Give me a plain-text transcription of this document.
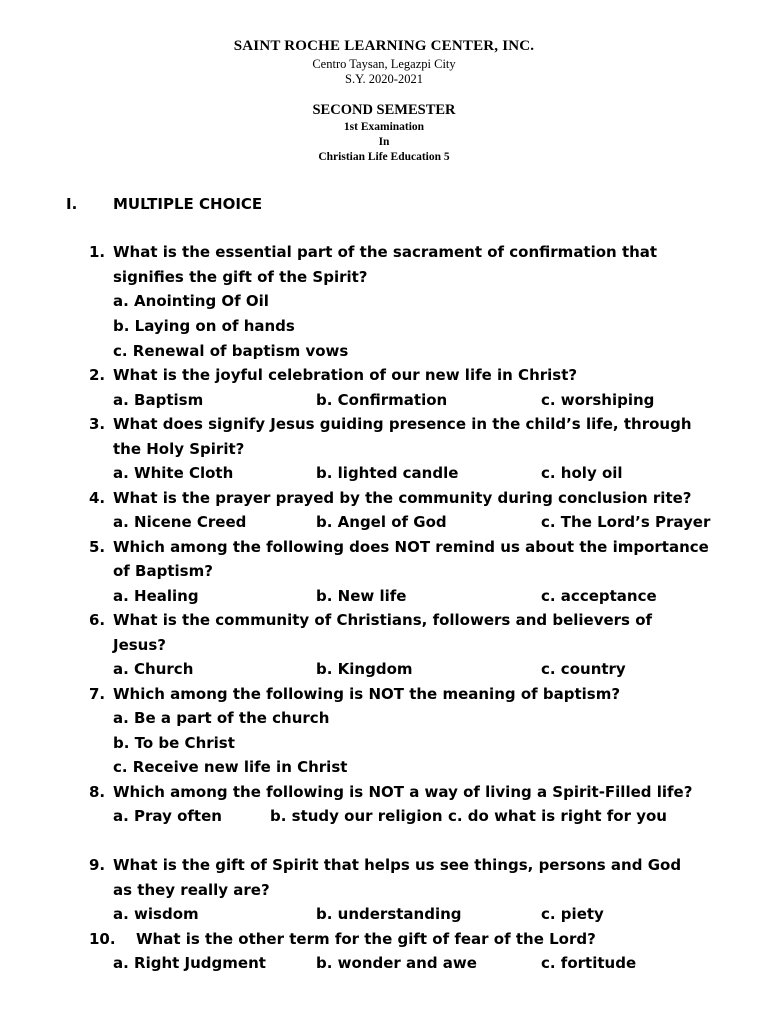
SAINT ROCHE LEARNING CENTER, INC.
Centro Taysan, Legazpi City
S.Y. 2020-2021
SECOND SEMESTER
1st Examination
In
Christian Life Education 5
I. MULTIPLE CHOICE
1. What is the essential part of the sacrament of confirmation that
signifies the gift of the Spirit?
a. Anointing Of Oil
b. Laying on of hands
c. Renewal of baptism vows
2. What is the joyful celebration of our new life in Christ?
a. Baptism	b. Confirmation	c. worshiping
3. What does signify Jesus guiding presence in the child’s life, through
the Holy Spirit?
a. White Cloth	b. lighted candle	c. holy oil
4. What is the prayer prayed by the community during conclusion rite?
a. Nicene Creed	b. Angel of God	c. The Lord’s Prayer
5. Which among the following does NOT remind us about the importance
of Baptism?
a. Healing	b. New life	c. acceptance
6. What is the community of Christians, followers and believers of
Jesus?
a. Church	b. Kingdom	c. country
7. Which among the following is NOT the meaning of baptism?
a. Be a part of the church
b. To be Christ
c. Receive new life in Christ
8. Which among the following is NOT a way of living a Spirit-Filled life?
a. Pray often	b. study our religion c. do what is right for you
9. What is the gift of Spirit that helps us see things, persons and God
as they really are?
a. wisdom	b. understanding	c. piety
10. What is the other term for the gift of fear of the Lord?
a. Right Judgment	b. wonder and awe	c. fortitude
